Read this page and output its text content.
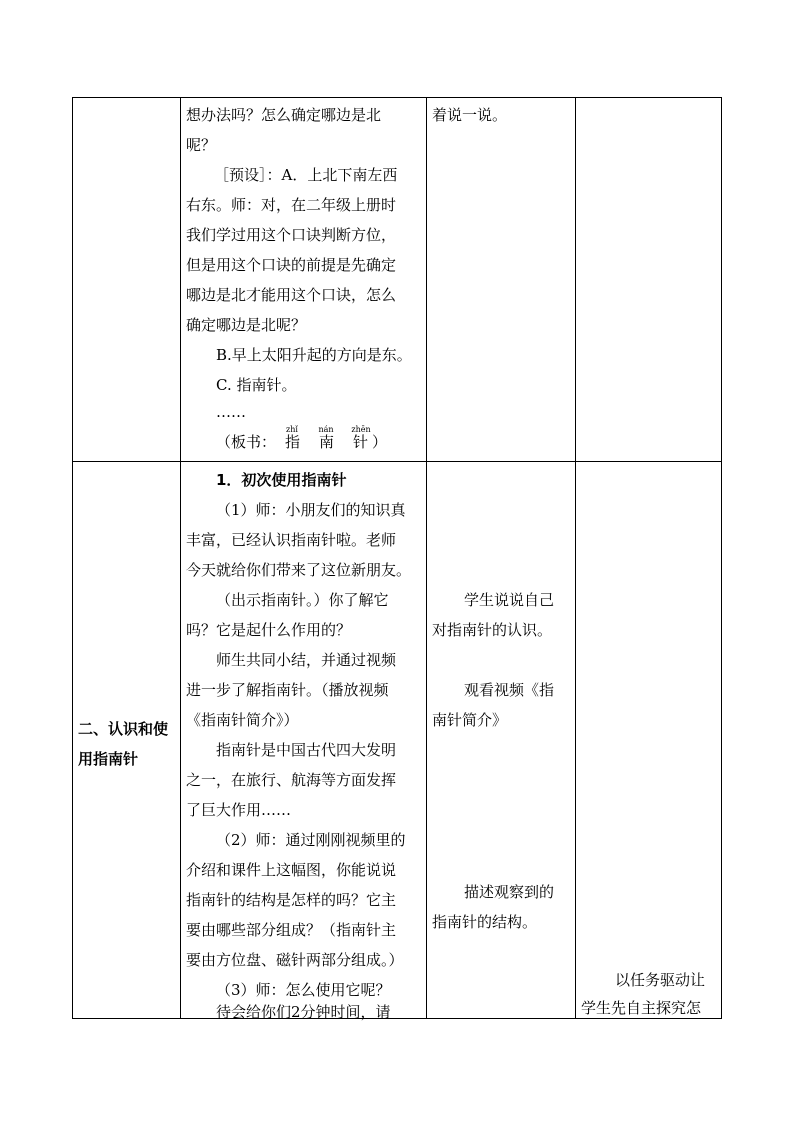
想办法吗？怎么确定哪边是北
呢？
［预设］：A．上北下南左西
右东。师：对，在二年级上册时
我们学过用这个口诀判断方位，
但是用这个口诀的前提是先确定
哪边是北才能用这个口诀，怎么
确定哪边是北呢？
B.早上太阳升起的方向是东。
C. 指南针。
……
（板书：
zhǐ
指
nán
南
zhēn
针 ）
着说一说。
二、认识和使
用指南针
1．初次使用指南针
（1）师：小朋友们的知识真
丰富，已经认识指南针啦。老师
今天就给你们带来了这位新朋友。
（出示指南针。）你了解它
吗？它是起什么作用的？
师生共同小结，并通过视频
进一步了解指南针。（播放视频
《指南针简介》）
指南针是中国古代四大发明
之一，在旅行、航海等方面发挥
了巨大作用……
（2）师：通过刚刚视频里的
介绍和课件上这幅图，你能说说
指南针的结构是怎样的吗？它主
要由哪些部分组成？（指南针主
要由方位盘、磁针两部分组成。）
（3）师：怎么使用它呢？
待会给你们2分钟时间，请
学生说说自己
对指南针的认识。
观看视频《指
南针简介》
描述观察到的
指南针的结构。
以任务驱动让
学生先自主探究怎
